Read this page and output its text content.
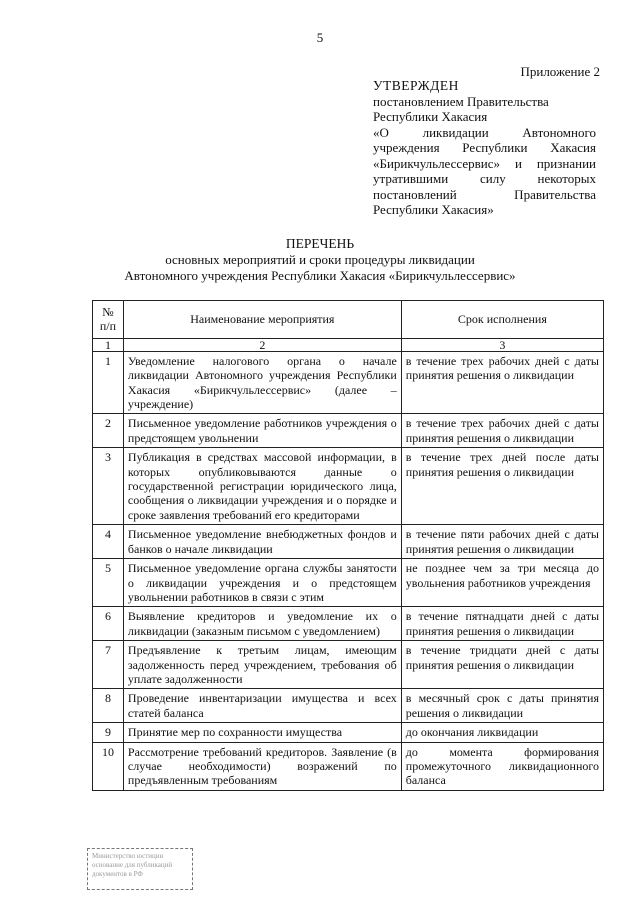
5
Приложение 2
УТВЕРЖДЕН
постановлением Правительства
Республики Хакасия
«О ликвидации Автономного
учреждения Республики Хакасия
«Бирикчульлессервис» и признании
утратившими силу некоторых
постановлений Правительства
Республики Хакасия»
ПЕРЕЧЕНЬ
основных мероприятий и сроки процедуры ликвидации
Автономного учреждения Республики Хакасия «Бирикчульлессервис»
№ п/п	Наименование мероприятия	Срок исполнения
1	2	3
1	Уведомление налогового органа о начале ликвидации Автономного учреждения Республики Хакасия «Бирикчульлессервис» (далее – учреждение)	в течение трех рабочих дней с даты принятия решения о ликвидации
2	Письменное уведомление работников учреждения о предстоящем увольнении	в течение трех рабочих дней с даты принятия решения о ликвидации
3	Публикация в средствах массовой информации, в которых опубликовываются данные о государственной регистрации юридического лица, сообщения о ликвидации учреждения и о порядке и сроке заявления требований его кредиторами	в течение трех дней после даты принятия решения о ликвидации
4	Письменное уведомление внебюджетных фондов и банков о начале ликвидации	в течение пяти рабочих дней с даты принятия решения о ликвидации
5	Письменное уведомление органа службы занятости о ликвидации учреждения и о предстоящем увольнении работников в связи с этим	не позднее чем за три месяца до увольнения работников учреждения
6	Выявление кредиторов и уведомление их о ликвидации (заказным письмом с уведомлением)	в течение пятнадцати дней с даты принятия решения о ликвидации
7	Предъявление к третьим лицам, имеющим задолженность перед учреждением, требования об уплате задолженности	в течение тридцати дней с даты принятия решения о ликвидации
8	Проведение инвентаризации имущества и всех статей баланса	в месячный срок с даты принятия решения о ликвидации
9	Принятие мер по сохранности имущества	до окончания ликвидации
10	Рассмотрение требований кредиторов. Заявление (в случае необходимости) возражений по предъявленным требованиям	до момента формирования промежуточного ликвидационного баланса
Министерство юстиции
основание для публикаций
документов в РФ
